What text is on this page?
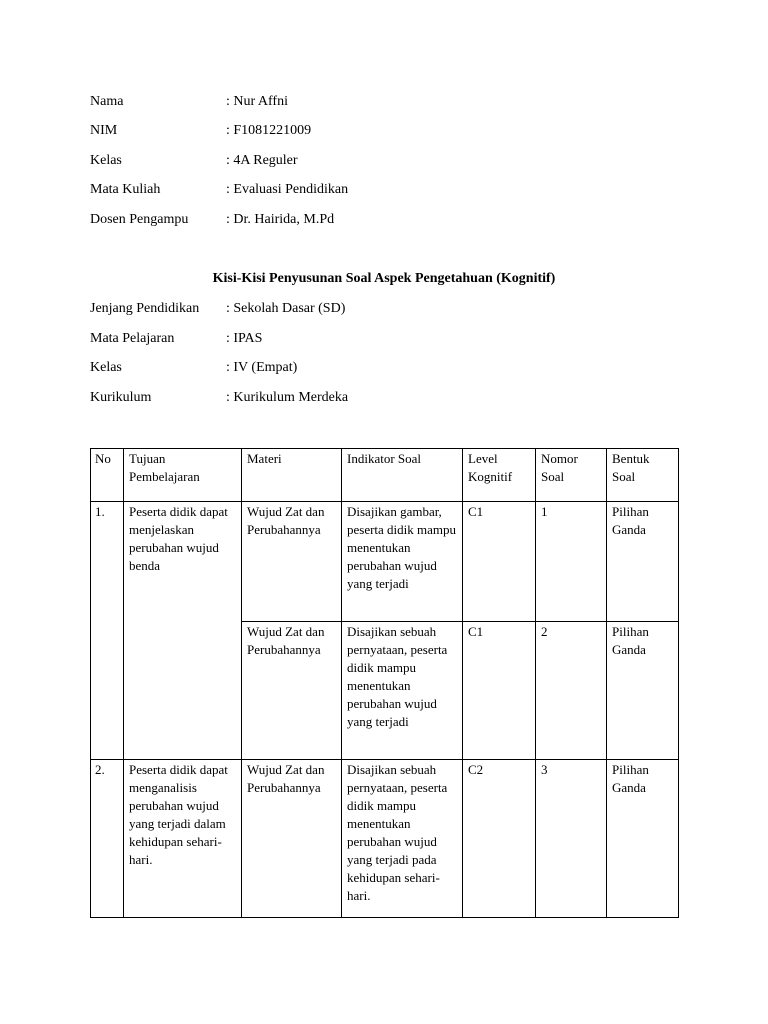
Nama	: Nur Affni
NIM	: F1081221009
Kelas	: 4A Reguler
Mata Kuliah	: Evaluasi Pendidikan
Dosen Pengampu	: Dr. Hairida, M.Pd
Kisi-Kisi Penyusunan Soal Aspek Pengetahuan (Kognitif)
Jenjang Pendidikan : Sekolah Dasar (SD)
Mata Pelajaran	: IPAS
Kelas	: IV (Empat)
Kurikulum	: Kurikulum Merdeka
No	Tujuan Pembelajaran	Materi	Indikator Soal	Level Kognitif	Nomor Soal	Bentuk Soal
1.	Peserta didik dapat menjelaskan perubahan wujud benda	Wujud Zat dan Perubahannya	Disajikan gambar, peserta didik mampu menentukan perubahan wujud yang terjadi	C1	1	Pilihan Ganda
		Wujud Zat dan Perubahannya	Disajikan sebuah pernyataan, peserta didik mampu menentukan perubahan wujud yang terjadi	C1	2	Pilihan Ganda
2.	Peserta didik dapat menganalisis perubahan wujud yang terjadi dalam kehidupan sehari-hari.	Wujud Zat dan Perubahannya	Disajikan sebuah pernyataan, peserta didik mampu menentukan perubahan wujud yang terjadi pada kehidupan sehari-hari.	C2	3	Pilihan Ganda
